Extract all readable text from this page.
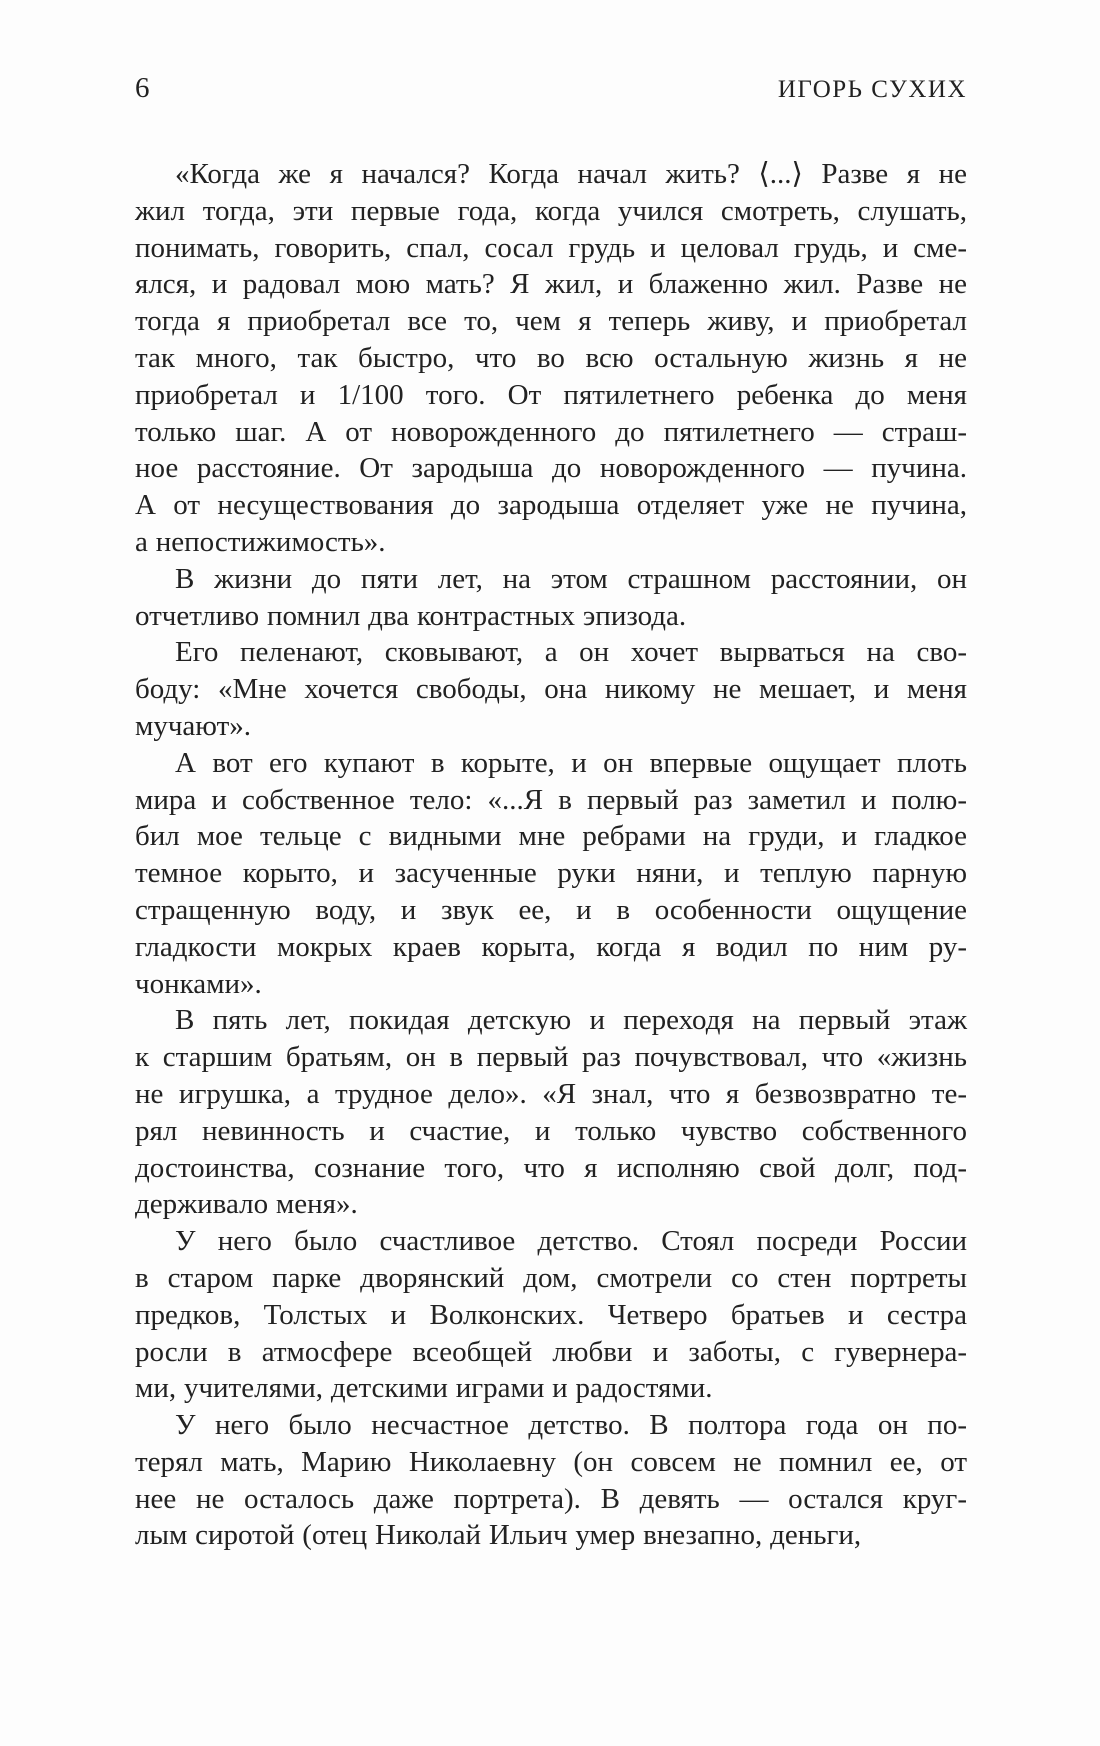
6	ИГОРЬ СУХИХ
«Когда же я начался? Когда начал жить? ⟨...⟩ Разве я не
жил тогда, эти первые года, когда учился смотреть, слушать,
понимать, говорить, спал, сосал грудь и целовал грудь, и сме-
ялся, и радовал мою мать? Я жил, и блаженно жил. Разве не
тогда я приобретал все то, чем я теперь живу, и приобретал
так много, так быстро, что во всю остальную жизнь я не
приобретал и 1/100 того. От пятилетнего ребенка до меня
только шаг. А от новорожденного до пятилетнего — страш-
ное расстояние. От зародыша до новорожденного — пучина.
А от несуществования до зародыша отделяет уже не пучина,
а непостижимость».
В жизни до пяти лет, на этом страшном расстоянии, он
отчетливо помнил два контрастных эпизода.
Его пеленают, сковывают, а он хочет вырваться на сво-
боду: «Мне хочется свободы, она никому не мешает, и меня
мучают».
А вот его купают в корыте, и он впервые ощущает плоть
мира и собственное тело: «...Я в первый раз заметил и полю-
бил мое тельце с видными мне ребрами на груди, и гладкое
темное корыто, и засученные руки няни, и теплую парную
стращенную воду, и звук ее, и в особенности ощущение
гладкости мокрых краев корыта, когда я водил по ним ру-
чонками».
В пять лет, покидая детскую и переходя на первый этаж
к старшим братьям, он в первый раз почувствовал, что «жизнь
не игрушка, а трудное дело». «Я знал, что я безвозвратно те-
рял невинность и счастие, и только чувство собственного
достоинства, сознание того, что я исполняю свой долг, под-
держивало меня».
У него было счастливое детство. Стоял посреди России
в старом парке дворянский дом, смотрели со стен портреты
предков, Толстых и Волконских. Четверо братьев и сестра
росли в атмосфере всеобщей любви и заботы, с гувернера-
ми, учителями, детскими играми и радостями.
У него было несчастное детство. В полтора года он по-
терял мать, Марию Николаевну (он совсем не помнил ее, от
нее не осталось даже портрета). В девять — остался круг-
лым сиротой (отец Николай Ильич умер внезапно, деньги,
